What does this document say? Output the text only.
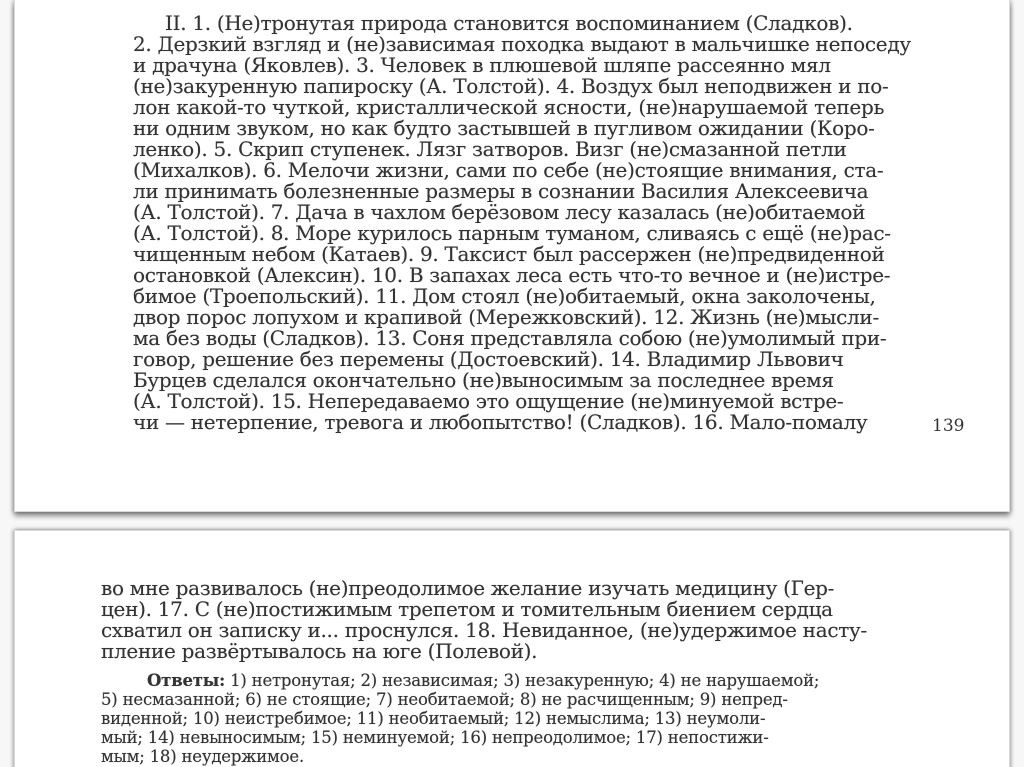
II. 1. (Не)тронутая природа становится воспоминанием (Сладков).
2. Дерзкий взгляд и (не)зависимая походка выдают в мальчишке непоседу
и драчуна (Яковлев). 3. Человек в плюшевой шляпе рассеянно мял
(не)закуренную папироску (А. Толстой). 4. Воздух был неподвижен и по-
лон какой-то чуткой, кристаллической ясности, (не)нарушаемой теперь
ни одним звуком, но как будто застывшей в пугливом ожидании (Коро-
ленко). 5. Скрип ступенек. Лязг затворов. Визг (не)смазанной петли
(Михалков). 6. Мелочи жизни, сами по себе (не)стоящие внимания, ста-
ли принимать болезненные размеры в сознании Василия Алексеевича
(А. Толстой). 7. Дача в чахлом берёзовом лесу казалась (не)обитаемой
(А. Толстой). 8. Море курилось парным туманом, сливаясь с ещё (не)рас-
чищенным небом (Катаев). 9. Таксист был рассержен (не)предвиденной
остановкой (Алексин). 10. В запахах леса есть что-то вечное и (не)истре-
бимое (Троепольский). 11. Дом стоял (не)обитаемый, окна заколочены,
двор порос лопухом и крапивой (Мережковский). 12. Жизнь (не)мысли-
ма без воды (Сладков). 13. Соня представляла собою (не)умолимый при-
говор, решение без перемены (Достоевский). 14. Владимир Львович
Бурцев сделался окончательно (не)выносимым за последнее время
(А. Толстой). 15. Непередаваемо это ощущение (не)минуемой встре-
чи — нетерпение, тревога и любопытство! (Сладков). 16. Мало-помалу	139
во мне развивалось (не)преодолимое желание изучать медицину (Гер-
цен). 17. С (не)постижимым трепетом и томительным биением сердца
схватил он записку и... проснулся. 18. Невиданное, (не)удержимое насту-
пление развёртывалось на юге (Полевой).
Ответы: 1) нетронутая; 2) независимая; 3) незакуренную; 4) не нарушаемой;
5) несмазанной; 6) не стоящие; 7) необитаемой; 8) не расчищенным; 9) непред-
виденной; 10) неистребимое; 11) необитаемый; 12) немыслима; 13) неумоли-
мый; 14) невыносимым; 15) неминуемой; 16) непреодолимое; 17) непостижи-
мым; 18) неудержимое.
